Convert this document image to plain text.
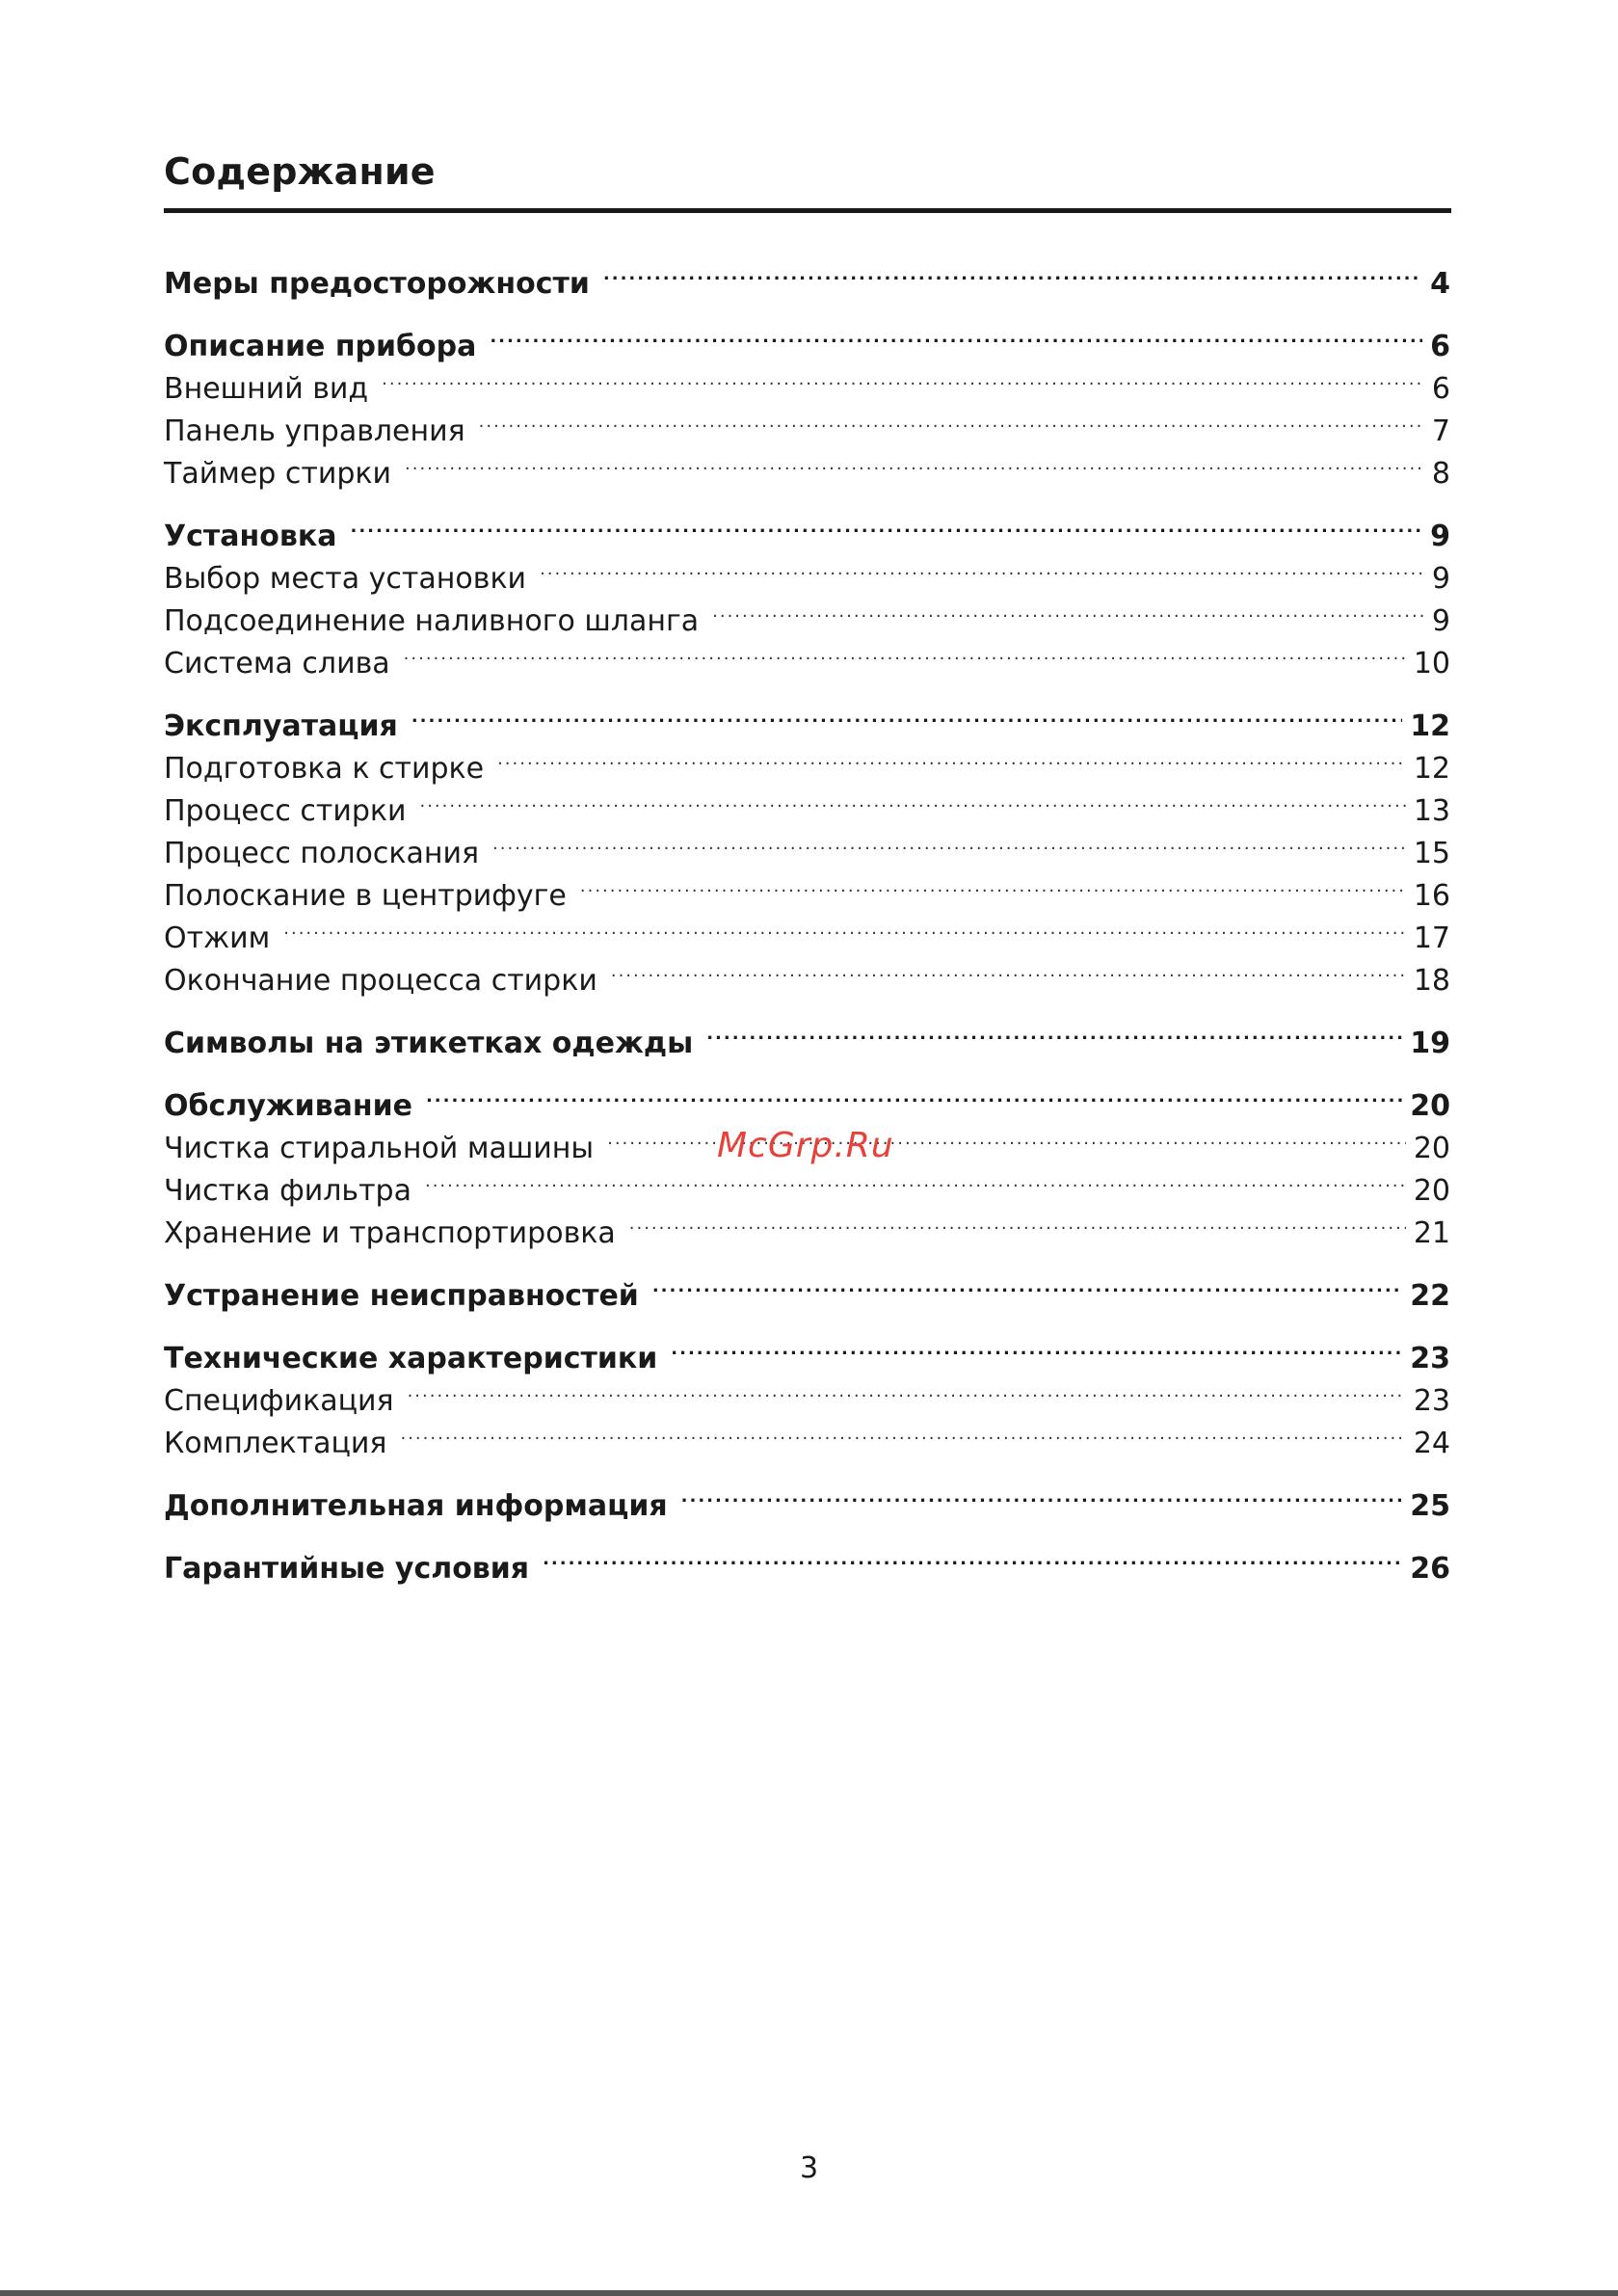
Содержание
Меры предосторожности .....	4
Описание прибора .....	6
Внешний вид .....	6
Панель управления .....	7
Таймер стирки .....	8
Установка .....	9
Выбор места установки .....	9
Подсоединение наливного шланга .....	9
Система слива .....	10
Эксплуатация .....	12
Подготовка к стирке .....	12
Процесс стирки .....	13
Процесс полоскания .....	15
Полоскание в центрифуге .....	16
Отжим .....	17
Окончание процесса стирки .....	18
Символы на этикетках одежды .....	19
Обслуживание .....	20
Чистка стиральной машины .....	20
Чистка фильтра .....	20
Хранение и транспортировка .....	21
Устранение неисправностей .....	22
Технические характеристики .....	23
Спецификация .....	23
Комплектация .....	24
Дополнительная информация .....	25
Гарантийные условия .....	26
McGrp.Ru
3
